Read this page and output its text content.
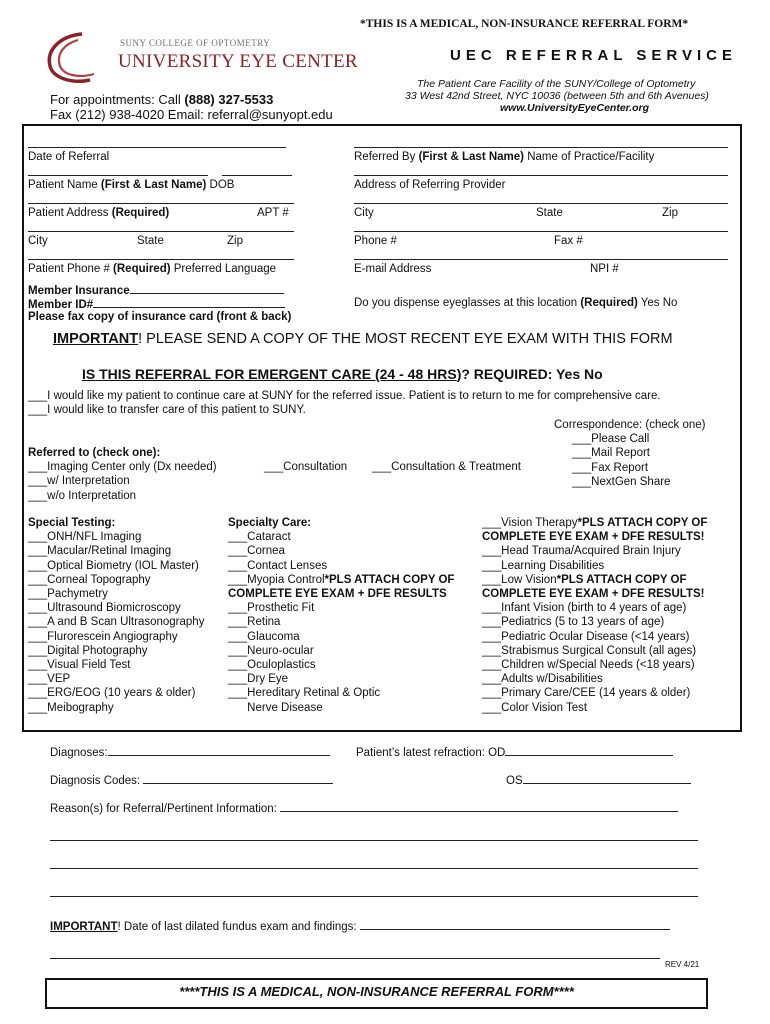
*THIS IS A MEDICAL, NON-INSURANCE REFERRAL FORM*
SUNY COLLEGE OF OPTOMETRY
UNIVERSITY EYE CENTER	UEC REFERRAL SERVICE
The Patient Care Facility of the SUNY/College of Optometry
33 West 42nd Street, NYC 10036 (between 5th and 6th Avenues)
www.UniversityEyeCenter.org
For appointments: Call (888) 327-5533
Fax (212) 938-4020 Email: referral@sunyopt.edu
Date of Referral
Patient Name (First & Last Name) DOB
Patient Address (Required)	APT #
City	State	Zip
Patient Phone # (Required) Preferred Language
Member Insurance
Member ID#
Please fax copy of insurance card (front & back)
Referred By (First & Last Name) Name of Practice/Facility
Address of Referring Provider
City	State	Zip
Phone #	Fax #
E-mail Address	NPI #
Do you dispense eyeglasses at this location (Required) Yes No
IMPORTANT! PLEASE SEND A COPY OF THE MOST RECENT EYE EXAM WITH THIS FORM
IS THIS REFERRAL FOR EMERGENT CARE (24 - 48 HRS)? REQUIRED: Yes No
___I would like my patient to continue care at SUNY for the referred issue. Patient is to return to me for comprehensive care.
___I would like to transfer care of this patient to SUNY.
Correspondence: (check one)
___Please Call
___Mail Report
___Fax Report
___NextGen Share
Referred to (check one):
___Imaging Center only (Dx needed)
___w/ Interpretation
___w/o Interpretation
___Consultation ___Consultation & Treatment
Special Testing:
___ONH/NFL Imaging
___Macular/Retinal Imaging
___Optical Biometry (IOL Master)
___Corneal Topography
___Pachymetry
___Ultrasound Biomicroscopy
___A and B Scan Ultrasonography
___Flurorescein Angiography
___Digital Photography
___Visual Field Test
___VEP
___ERG/EOG (10 years & older)
___Meibography
Specialty Care:
___Cataract
___Cornea
___Contact Lenses
___Myopia Control*PLS ATTACH COPY OF
COMPLETE EYE EXAM + DFE RESULTS
___Prosthetic Fit
___Retina
___Glaucoma
___Neuro-ocular
___Oculoplastics
___Dry Eye
___Hereditary Retinal & Optic
Nerve Disease
___Vision Therapy*PLS ATTACH COPY OF
COMPLETE EYE EXAM + DFE RESULTS!
___Head Trauma/Acquired Brain Injury
___Learning Disabilities
___Low Vision*PLS ATTACH COPY OF
COMPLETE EYE EXAM + DFE RESULTS!
___Infant Vision (birth to 4 years of age)
___Pediatrics (5 to 13 years of age)
___Pediatric Ocular Disease (<14 years)
___Strabismus Surgical Consult (all ages)
___Children w/Special Needs (<18 years)
___Adults w/Disabilities
___Primary Care/CEE (14 years & older)
___Color Vision Test
Diagnoses:	Patient’s latest refraction: OD
Diagnosis Codes:	OS
Reason(s) for Referral/Pertinent Information:
IMPORTANT! Date of last dilated fundus exam and findings:
REV 4/21
****THIS IS A MEDICAL, NON-INSURANCE REFERRAL FORM****
